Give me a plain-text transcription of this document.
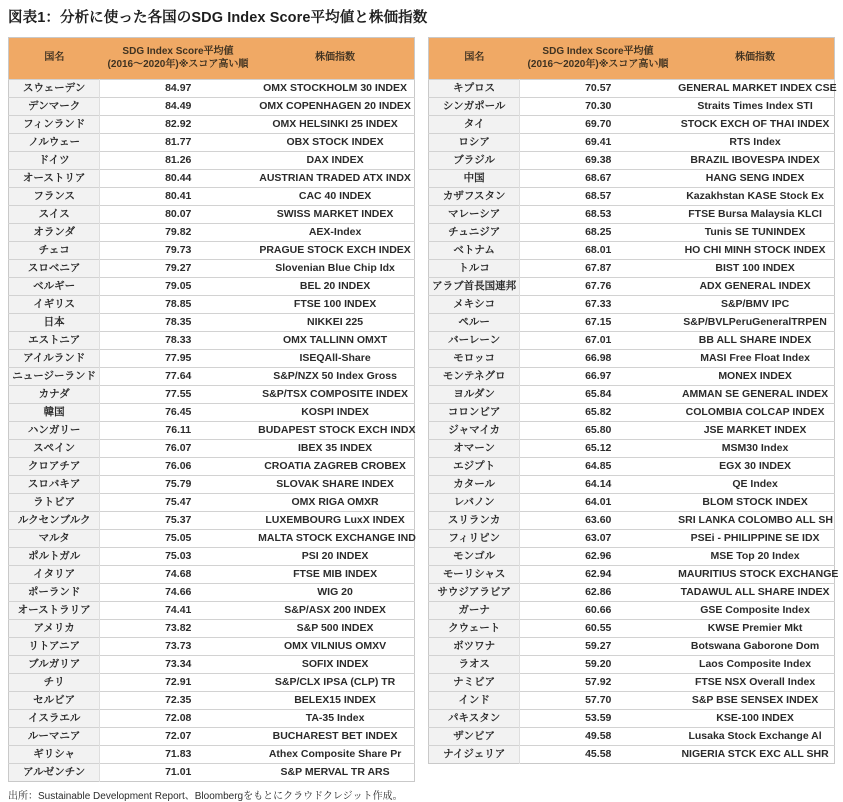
図表1：分析に使った各国のSDG Index Score平均値と株価指数
国名	SDG Index Score平均値
(2016〜2020年)※スコア高い順	株価指数
スウェーデン	84.97	OMX STOCKHOLM 30 INDEX
デンマーク	84.49	OMX COPENHAGEN 20 INDEX
フィンランド	82.92	OMX HELSINKI 25 INDEX
ノルウェー	81.77	OBX STOCK INDEX
ドイツ	81.26	DAX INDEX
オーストリア	80.44	AUSTRIAN TRADED ATX INDX
フランス	80.41	CAC 40 INDEX
スイス	80.07	SWISS MARKET INDEX
オランダ	79.82	AEX-Index
チェコ	79.73	PRAGUE STOCK EXCH INDEX
スロベニア	79.27	Slovenian Blue Chip Idx
ベルギー	79.05	BEL 20 INDEX
イギリス	78.85	FTSE 100 INDEX
日本	78.35	NIKKEI 225
エストニア	78.33	OMX TALLINN OMXT
アイルランド	77.95	ISEQAll-Share
ニュージーランド	77.64	S&P/NZX 50 Index Gross
カナダ	77.55	S&P/TSX COMPOSITE INDEX
韓国	76.45	KOSPI INDEX
ハンガリー	76.11	BUDAPEST STOCK EXCH INDX
スペイン	76.07	IBEX 35 INDEX
クロアチア	76.06	CROATIA ZAGREB CROBEX
スロバキア	75.79	SLOVAK SHARE INDEX
ラトビア	75.47	OMX RIGA OMXR
ルクセンブルク	75.37	LUXEMBOURG LuxX INDEX
マルタ	75.05	MALTA STOCK EXCHANGE IND
ポルトガル	75.03	PSI 20 INDEX
イタリア	74.68	FTSE MIB INDEX
ポーランド	74.66	WIG 20
オーストラリア	74.41	S&P/ASX 200 INDEX
アメリカ	73.82	S&P 500 INDEX
リトアニア	73.73	OMX VILNIUS OMXV
ブルガリア	73.34	SOFIX INDEX
チリ	72.91	S&P/CLX IPSA (CLP) TR
セルビア	72.35	BELEX15 INDEX
イスラエル	72.08	TA-35 Index
ルーマニア	72.07	BUCHAREST BET INDEX
ギリシャ	71.83	Athex Composite Share Pr
アルゼンチン	71.01	S&P MERVAL TR ARS
国名	SDG Index Score平均値
(2016〜2020年)※スコア高い順	株価指数
キプロス	70.57	GENERAL MARKET INDEX CSE
シンガポール	70.30	Straits Times Index STI
タイ	69.70	STOCK EXCH OF THAI INDEX
ロシア	69.41	RTS Index
ブラジル	69.38	BRAZIL IBOVESPA INDEX
中国	68.67	HANG SENG INDEX
カザフスタン	68.57	Kazakhstan KASE Stock Ex
マレーシア	68.53	FTSE Bursa Malaysia KLCI
チュニジア	68.25	Tunis SE TUNINDEX
ベトナム	68.01	HO CHI MINH STOCK INDEX
トルコ	67.87	BIST 100 INDEX
アラブ首長国連邦	67.76	ADX GENERAL INDEX
メキシコ	67.33	S&P/BMV IPC
ペルー	67.15	S&P/BVLPeruGeneralTRPEN
バーレーン	67.01	BB ALL SHARE INDEX
モロッコ	66.98	MASI Free Float Index
モンテネグロ	66.97	MONEX INDEX
ヨルダン	65.84	AMMAN SE GENERAL INDEX
コロンビア	65.82	COLOMBIA COLCAP INDEX
ジャマイカ	65.80	JSE MARKET INDEX
オマーン	65.12	MSM30 Index
エジプト	64.85	EGX 30 INDEX
カタール	64.14	QE Index
レバノン	64.01	BLOM STOCK INDEX
スリランカ	63.60	SRI LANKA COLOMBO ALL SH
フィリピン	63.07	PSEi - PHILIPPINE SE IDX
モンゴル	62.96	MSE Top 20 Index
モーリシャス	62.94	MAURITIUS STOCK EXCHANGE
サウジアラビア	62.86	TADAWUL ALL SHARE INDEX
ガーナ	60.66	GSE Composite Index
クウェート	60.55	KWSE Premier Mkt
ボツワナ	59.27	Botswana Gaborone Dom
ラオス	59.20	Laos Composite Index
ナミビア	57.92	FTSE NSX Overall Index
インド	57.70	S&P BSE SENSEX INDEX
パキスタン	53.59	KSE-100 INDEX
ザンビア	49.58	Lusaka Stock Exchange Al
ナイジェリア	45.58	NIGERIA STCK EXC ALL SHR
出所：Sustainable Development Report、Bloombergをもとにクラウドクレジット作成。
